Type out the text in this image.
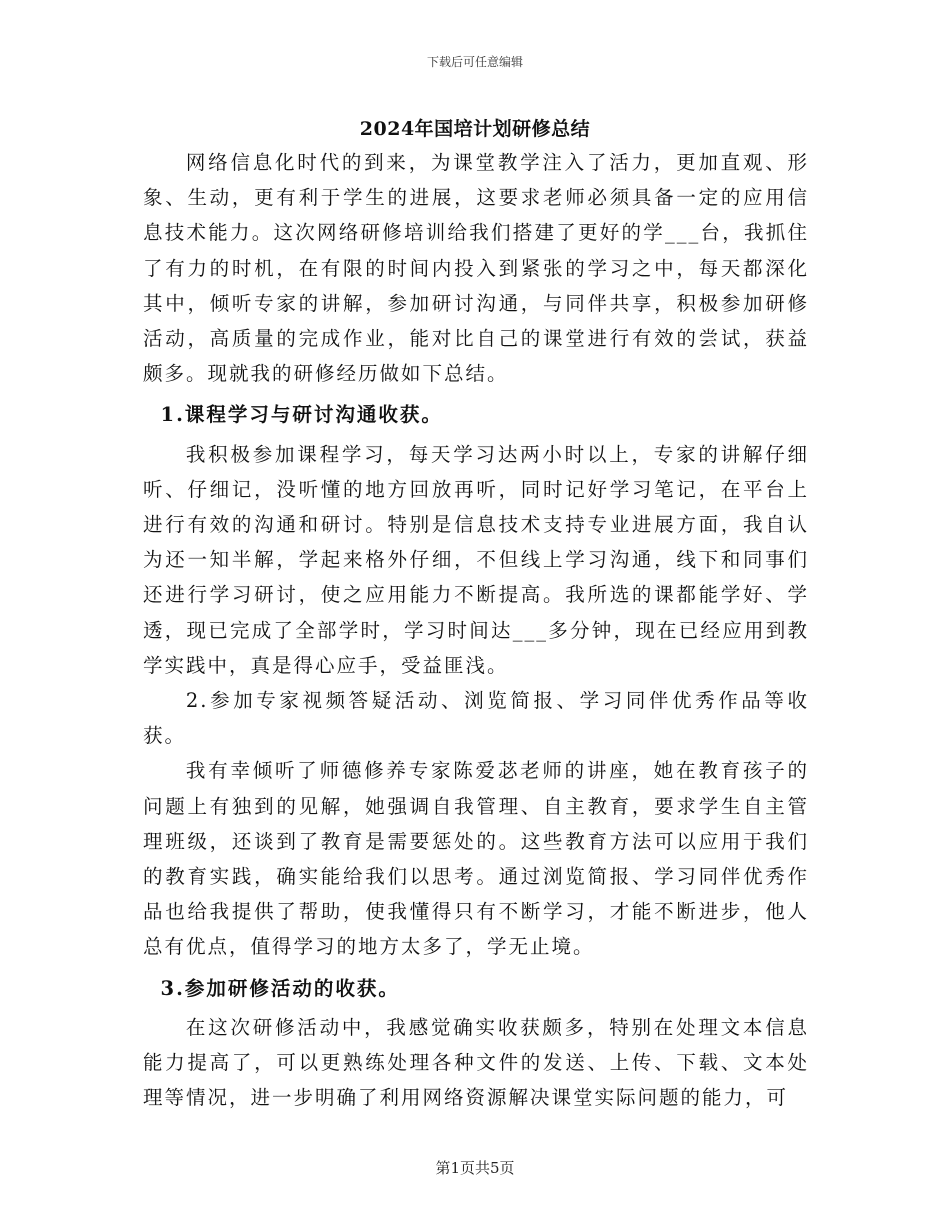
下载后可任意编辑
2024年国培计划研修总结

网络信息化时代的到来，为课堂教学注入了活力，更加直观、形象、生动，更有利于学生的进展，这要求老师必须具备一定的应用信息技术能力。这次网络研修培训给我们搭建了更好的学___台，我抓住了有力的时机，在有限的时间内投入到紧张的学习之中，每天都深化其中，倾听专家的讲解，参加研讨沟通，与同伴共享，积极参加研修活动，高质量的完成作业，能对比自己的课堂进行有效的尝试，获益颇多。现就我的研修经历做如下总结。

1.课程学习与研讨沟通收获。

我积极参加课程学习，每天学习达两小时以上，专家的讲解仔细听、仔细记，没听懂的地方回放再听，同时记好学习笔记，在平台上进行有效的沟通和研讨。特别是信息技术支持专业进展方面，我自认为还一知半解，学起来格外仔细，不但线上学习沟通，线下和同事们还进行学习研讨，使之应用能力不断提高。我所选的课都能学好、学透，现已完成了全部学时，学习时间达___多分钟，现在已经应用到教学实践中，真是得心应手，受益匪浅。

2.参加专家视频答疑活动、浏览简报、学习同伴优秀作品等收获。

我有幸倾听了师德修养专家陈爱苾老师的讲座，她在教育孩子的问题上有独到的见解，她强调自我管理、自主教育，要求学生自主管理班级，还谈到了教育是需要惩处的。这些教育方法可以应用于我们的教育实践，确实能给我们以思考。通过浏览简报、学习同伴优秀作品也给我提供了帮助，使我懂得只有不断学习，才能不断进步，他人总有优点，值得学习的地方太多了，学无止境。

3.参加研修活动的收获。

在这次研修活动中，我感觉确实收获颇多，特别在处理文本信息能力提高了，可以更熟练处理各种文件的发送、上传、下载、文本处理等情况，进一步明确了利用网络资源解决课堂实际问题的能力，可

第1页共5页
